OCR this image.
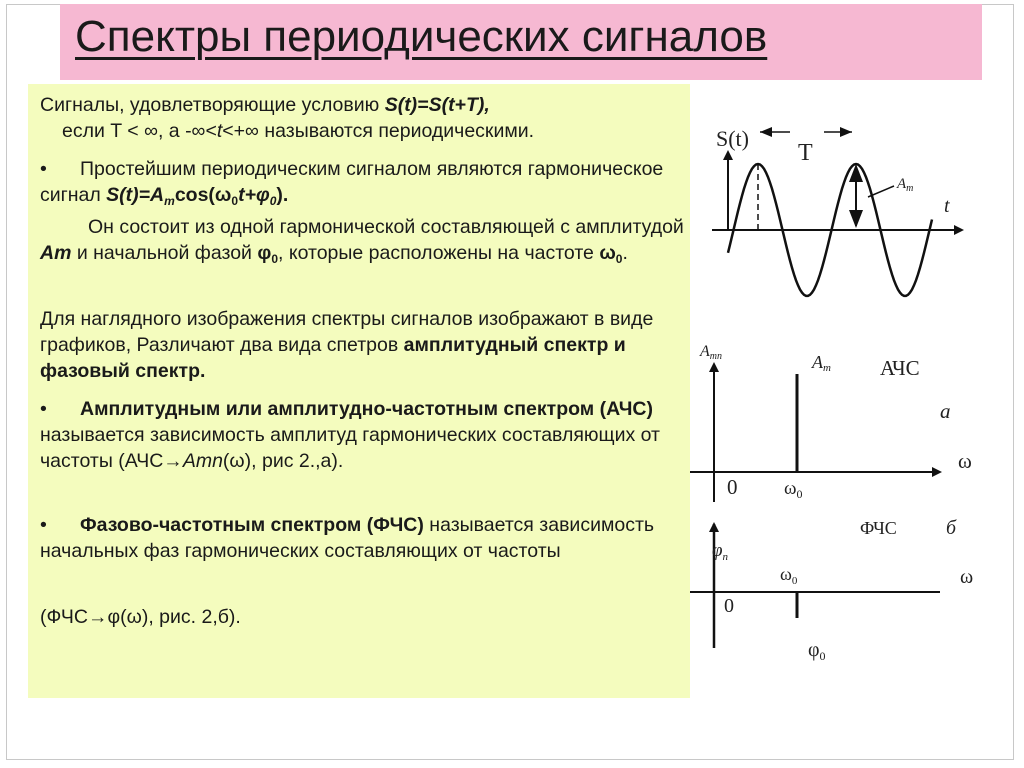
Спектры периодических сигналов

Сигналы, удовлетворяющие условию S(t)=S(t+T),
если T < ∞, а -∞<t<+∞ называются периодическими.

• Простейшим периодическим сигналом являются гармоническое сигнал $S(t)=A_m\cos(\omega_0t+\varphi_0)$.

Он состоит из одной гармонической составляющей с амплитудой Am и начальной фазой $\varphi_0$, которые расположены на частоте $\omega_0$.

Для наглядного изображения спектры сигналов изображают в виде графиков, Различают два вида спетров амплитудный спектр и фазовый спектр.

• Амплитудным или амплитудно-частотным спектром (АЧС) называется зависимость амплитуд гармонических составляющих от частоты (АЧС→Amn(ω), рис 2.,а).

• Фазово-частотным спектром (ФЧС) называется зависимость начальных фаз гармонических составляющих от частоты

(ФЧС→φ(ω), рис. 2,б).

S(t)
T
$A_m$
t
Amn	Am АЧС
а
0 $\omega_0$
ω
$\varphi_n$
ФЧС б
0
$\omega_0$	ω
$\varphi_0$
